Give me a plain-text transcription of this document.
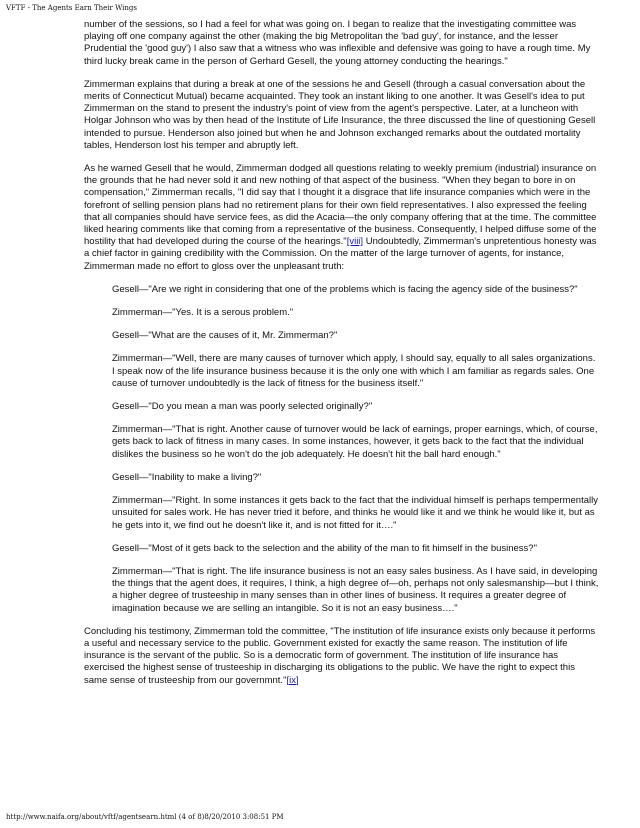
VFTF - The Agents Earn Their Wings

number of the sessions, so I had a feel for what was going on. I began to realize that the investigating committee was playing off one company against the other (making the big Metropolitan the 'bad guy', for instance, and the lesser Prudential the 'good guy') I also saw that a witness who was inflexible and defensive was going to have a rough time. My third lucky break came in the person of Gerhard Gesell, the young attorney conducting the hearings."

Zimmerman explains that during a break at one of the sessions he and Gesell (through a casual conversation about the merits of Connecticut Mutual) became acquainted. They took an instant liking to one another. It was Gesell's idea to put Zimmerman on the stand to present the industry's point of view from the agent's perspective. Later, at a luncheon with Holgar Johnson who was by then head of the Institute of Life Insurance, the three discussed the line of questioning Gesell intended to pursue. Henderson also joined but when he and Johnson exchanged remarks about the outdated mortality tables, Henderson lost his temper and abruptly left.

As he warned Gesell that he would, Zimmerman dodged all questions relating to weekly premium (industrial) insurance on the grounds that he had never sold it and new nothing of that aspect of the business. "When they began to bore in on compensation," Zimmerman recalls, "I did say that I thought it a disgrace that life insurance companies which were in the forefront of selling pension plans had no retirement plans for their own field representatives. I also expressed the feeling that all companies should have service fees, as did the Acacia—the only company offering that at the time. The committee liked hearing comments like that coming from a representative of the business. Consequently, I helped diffuse some of the hostility that had developed during the course of the hearings."[viii] Undoubtedly, Zimmerman's unpretentious honesty was a chief factor in gaining credibility with the Commission. On the matter of the large turnover of agents, for instance, Zimmerman made no effort to gloss over the unpleasant truth:

Gesell—"Are we right in considering that one of the problems which is facing the agency side of the business?"

Zimmerman—"Yes. It is a serous problem."

Gesell—"What are the causes of it, Mr. Zimmerman?"

Zimmerman—"Well, there are many causes of turnover which apply, I should say, equally to all sales organizations. I speak now of the life insurance business because it is the only one with which I am familiar as regards sales. One cause of turnover undoubtedly is the lack of fitness for the business itself."

Gesell—"Do you mean a man was poorly selected originally?"

Zimmerman—"That is right. Another cause of turnover would be lack of earnings, proper earnings, which, of course, gets back to lack of fitness in many cases. In some instances, however, it gets back to the fact that the individual dislikes the business so he won't do the job adequately. He doesn't hit the ball hard enough."

Gesell—"Inability to make a living?"

Zimmerman—"Right. In some instances it gets back to the fact that the individual himself is perhaps tempermentally unsuited for sales work. He has never tried it before, and thinks he would like it and we think he would like it, but as he gets into it, we find out he doesn't like it, and is not fitted for it…."

Gesell—"Most of it gets back to the selection and the ability of the man to fit himself in the business?"

Zimmerman—"That is right. The life insurance business is not an easy sales business. As I have said, in developing the things that the agent does, it requires, I think, a high degree of—oh, perhaps not only salesmanship—but I think, a higher degree of trusteeship in many senses than in other lines of business. It requires a greater degree of imagination because we are selling an intangible. So it is not an easy business…."

Concluding his testimony, Zimmerman told the committee, "The institution of life insurance exists only because it performs a useful and necessary service to the public. Government existed for exactly the same reason. The institution of life insurance is the servant of the public. So is a democratic form of government. The institution of life insurance has exercised the highest sense of trusteeship in discharging its obligations to the public. We have the right to expect this same sense of trusteeship from our governmnt."[ix]

http://www.naifa.org/about/vftf/agentsearn.html (4 of 8)8/20/2010 3:08:51 PM
